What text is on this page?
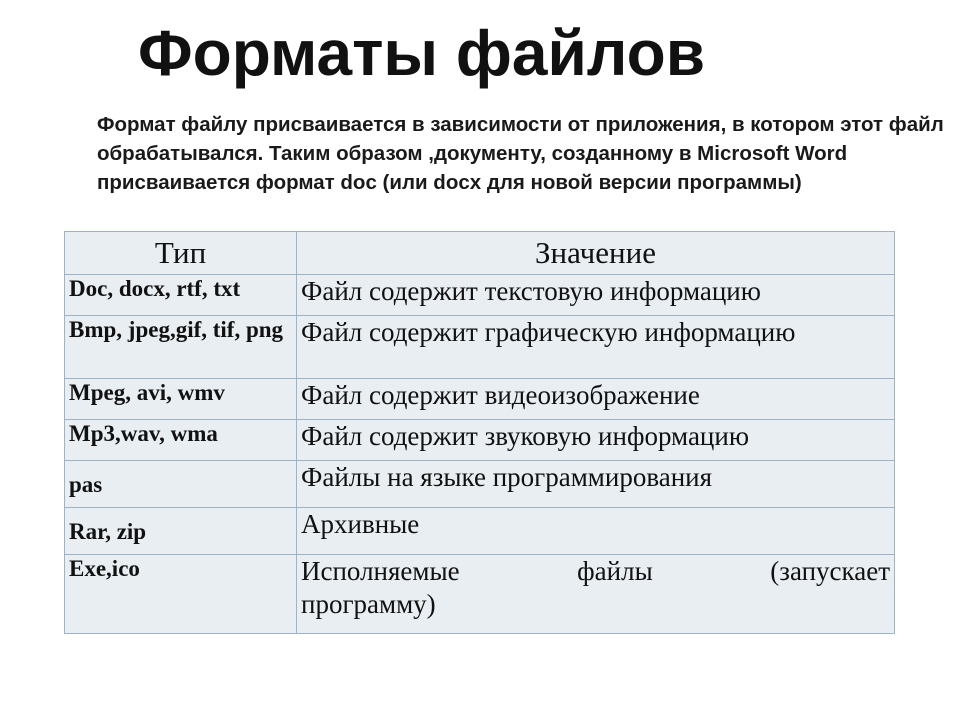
Форматы файлов
Формат файлу присваивается в зависимости от приложения, в котором этот файл обрабатывался. Таким образом ,документу, созданному в Microsoft Word присваивается формат doc (или docx для новой версии программы)
Тип	Значение
Doc, docx, rtf, txt	Файл содержит текстовую информацию
Bmp, jpeg,gif, tif, png	Файл содержит графическую информацию
Mpeg, avi, wmv	Файл содержит видеоизображение
Mp3,wav, wma	Файл содержит звуковую информацию
pas	Файлы на языке программирования
Rar, zip	Архивные
Exe,ico	Исполняемые файлы (запускает
программу)
